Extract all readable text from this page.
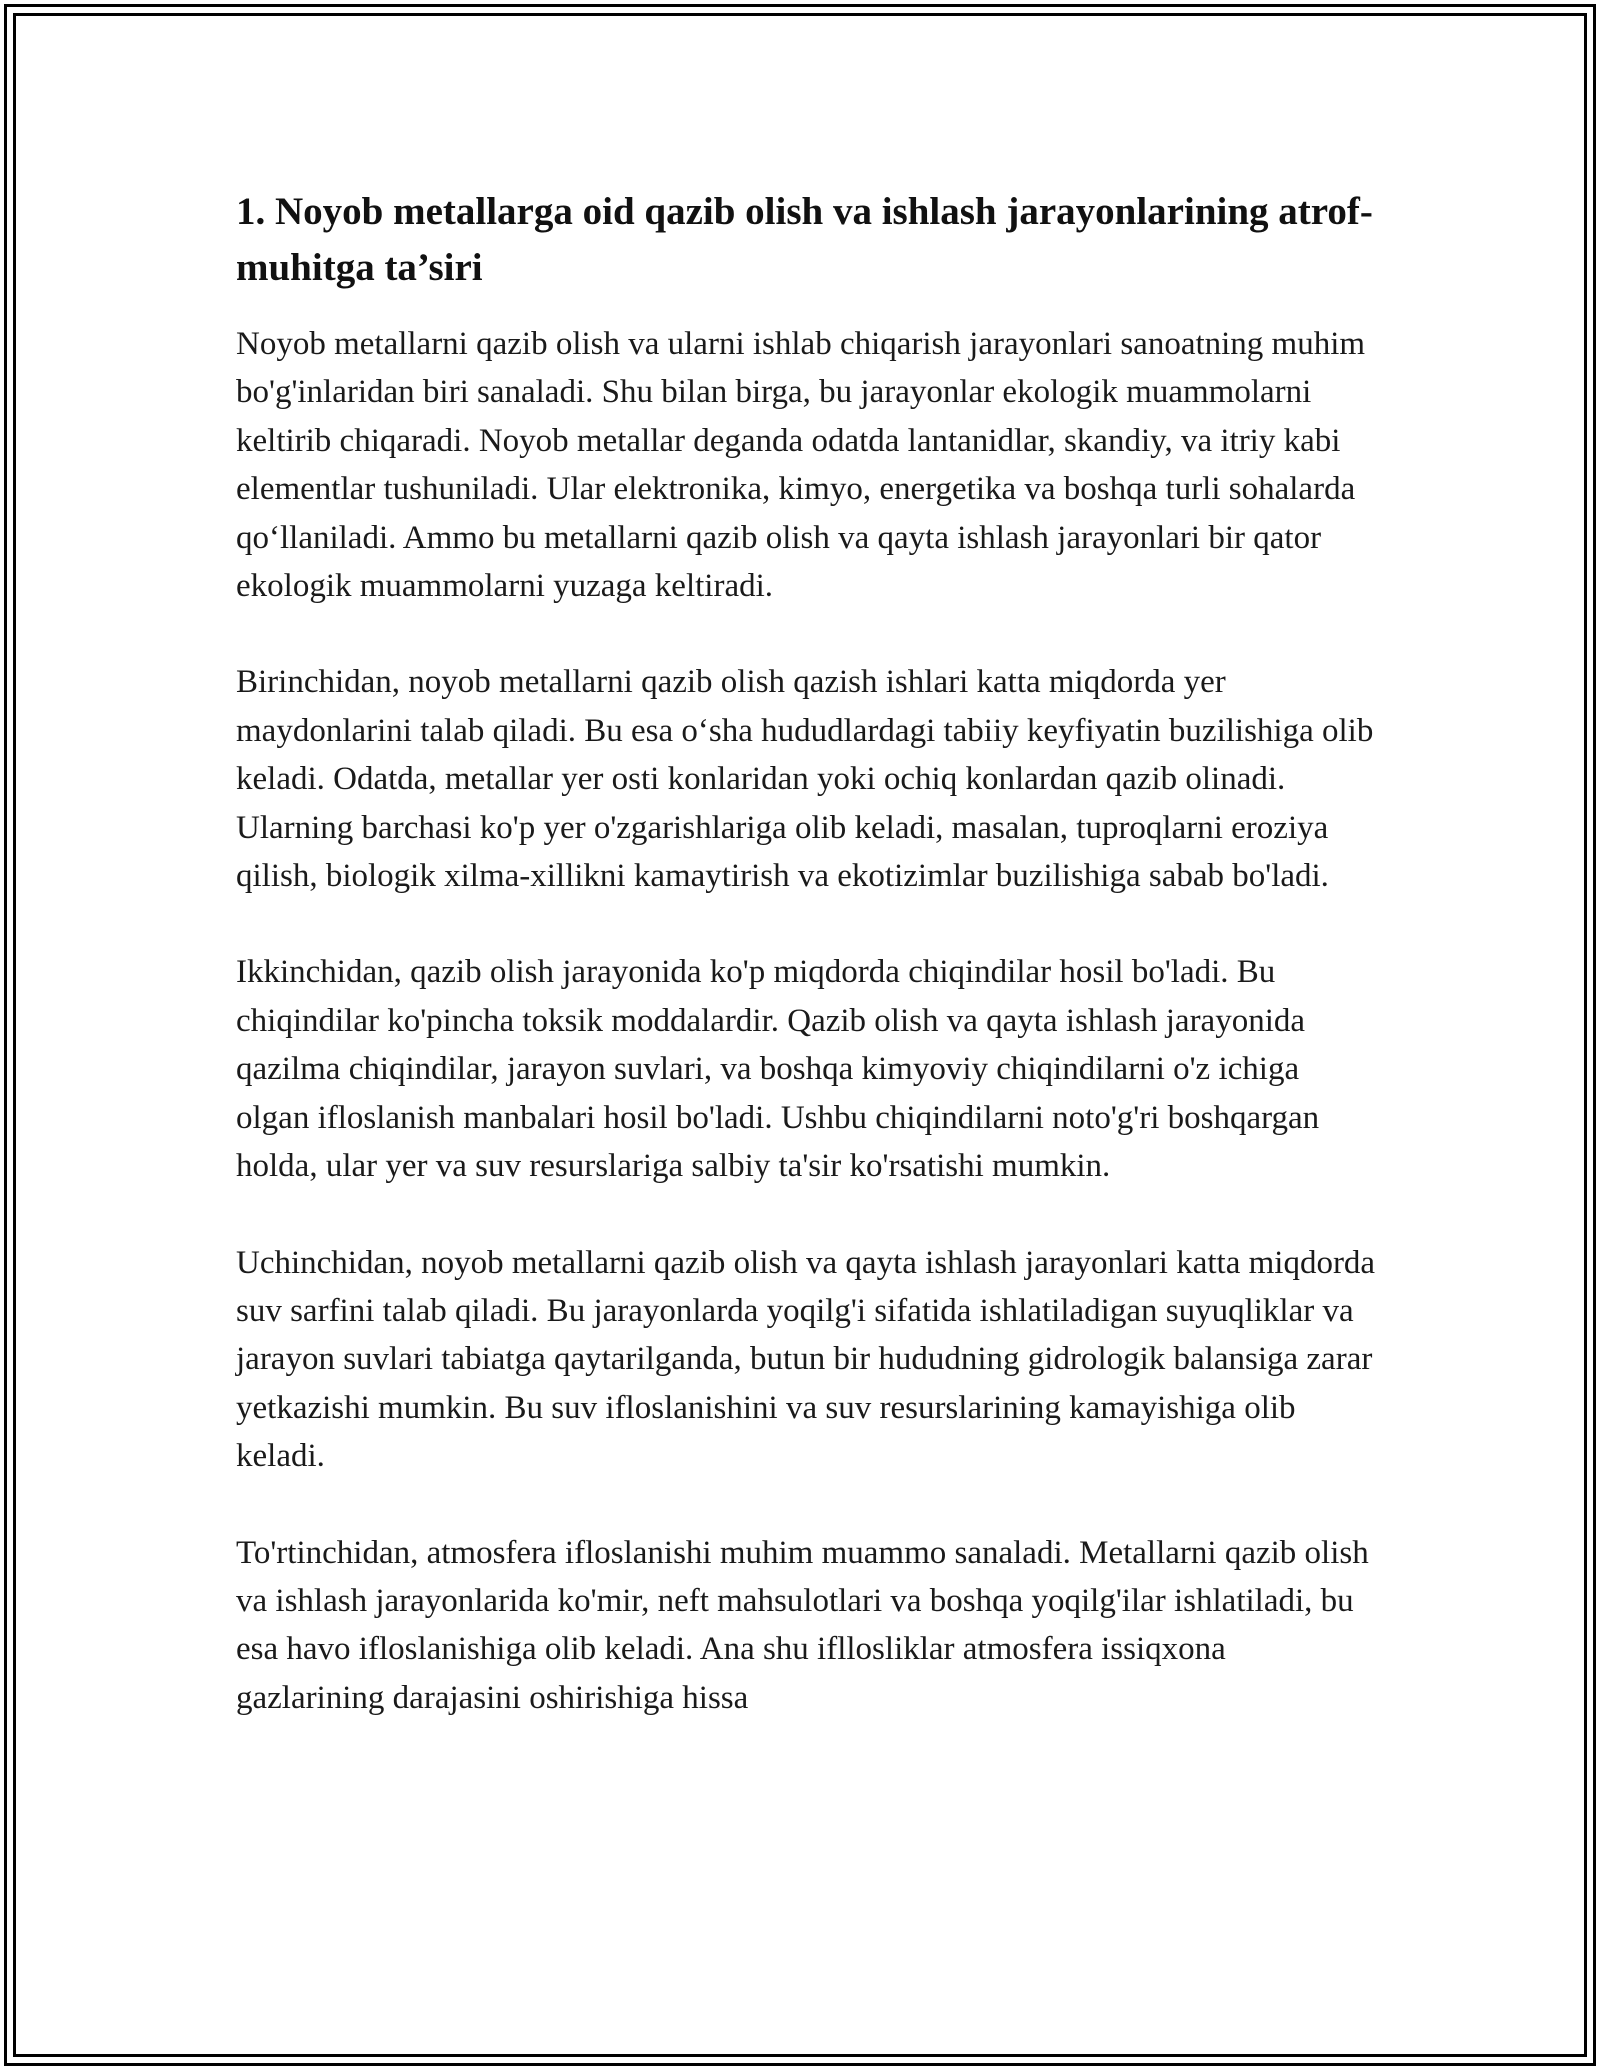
1. Noyob metallarga oid qazib olish va ishlash jarayonlarining atrof-muhitga ta’siri

Noyob metallarni qazib olish va ularni ishlab chiqarish jarayonlari sanoatning muhim bo'g'inlaridan biri sanaladi. Shu bilan birga, bu jarayonlar ekologik muammolarni keltirib chiqaradi. Noyob metallar deganda odatda lantanidlar, skandiy, va itriy kabi elementlar tushuniladi. Ular elektronika, kimyo, energetika va boshqa turli sohalarda qo‘llaniladi. Ammo bu metallarni qazib olish va qayta ishlash jarayonlari bir qator ekologik muammolarni yuzaga keltiradi.

Birinchidan, noyob metallarni qazib olish qazish ishlari katta miqdorda yer maydonlarini talab qiladi. Bu esa o‘sha hududlardagi tabiiy keyfiyatin buzilishiga olib keladi. Odatda, metallar yer osti konlaridan yoki ochiq konlardan qazib olinadi. Ularning barchasi ko'p yer o'zgarishlariga olib keladi, masalan, tuproqlarni eroziya qilish, biologik xilma-xillikni kamaytirish va ekotizimlar buzilishiga sabab bo'ladi.

Ikkinchidan, qazib olish jarayonida ko'p miqdorda chiqindilar hosil bo'ladi. Bu chiqindilar ko'pincha toksik moddalardir. Qazib olish va qayta ishlash jarayonida qazilma chiqindilar, jarayon suvlari, va boshqa kimyoviy chiqindilarni o'z ichiga olgan ifloslanish manbalari hosil bo'ladi. Ushbu chiqindilarni noto'g'ri boshqargan holda, ular yer va suv resurslariga salbiy ta'sir ko'rsatishi mumkin.

Uchinchidan, noyob metallarni qazib olish va qayta ishlash jarayonlari katta miqdorda suv sarfini talab qiladi. Bu jarayonlarda yoqilg'i sifatida ishlatiladigan suyuqliklar va jarayon suvlari tabiatga qaytarilganda, butun bir hududning gidrologik balansiga zarar yetkazishi mumkin. Bu suv ifloslanishini va suv resurslarining kamayishiga olib keladi.

To'rtinchidan, atmosfera ifloslanishi muhim muammo sanaladi. Metallarni qazib olish va ishlash jarayonlarida ko'mir, neft mahsulotlari va boshqa yoqilg'ilar ishlatiladi, bu esa havo ifloslanishiga olib keladi. Ana shu ifllosliklar atmosfera issiqxona gazlarining darajasini oshirishiga hissa
